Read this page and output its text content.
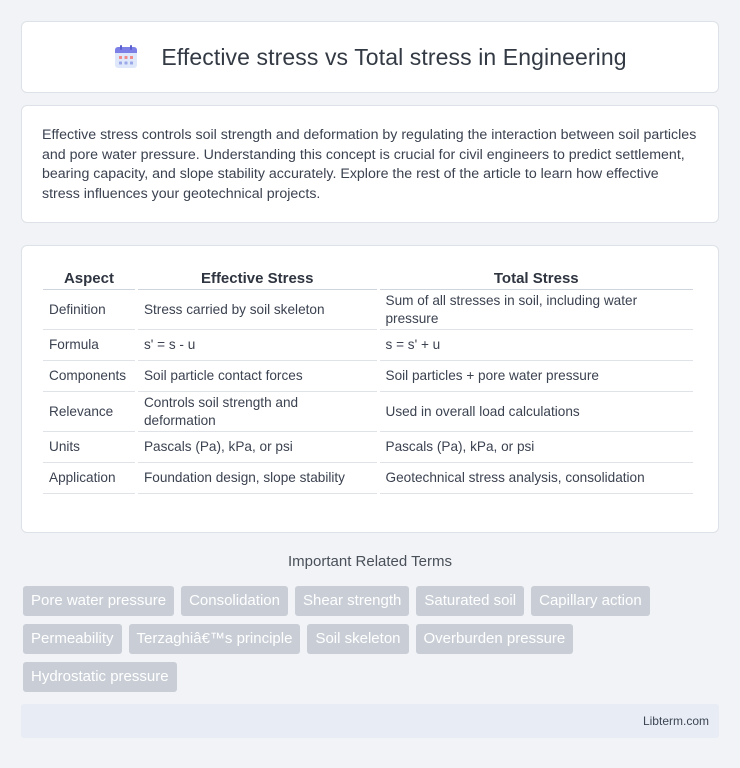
Effective stress vs Total stress in Engineering

Effective stress controls soil strength and deformation by regulating the interaction between soil particles and pore water pressure. Understanding this concept is crucial for civil engineers to predict settlement, bearing capacity, and slope stability accurately. Explore the rest of the article to learn how effective stress influences your geotechnical projects.

Aspect	Effective Stress	Total Stress
Definition	Stress carried by soil skeleton	Sum of all stresses in soil, including water pressure
Formula	s' = s - u	s = s' + u
Components	Soil particle contact forces	Soil particles + pore water pressure
Relevance	Controls soil strength and deformation	Used in overall load calculations
Units	Pascals (Pa), kPa, or psi	Pascals (Pa), kPa, or psi
Application	Foundation design, slope stability	Geotechnical stress analysis, consolidation
Important Related Terms
Pore water pressure	Consolidation	Shear strength	Saturated soil	Capillary action
Permeability	Terzaghiâ€™s principle	Soil skeleton	Overburden pressure
Hydrostatic pressure
Libterm.com
